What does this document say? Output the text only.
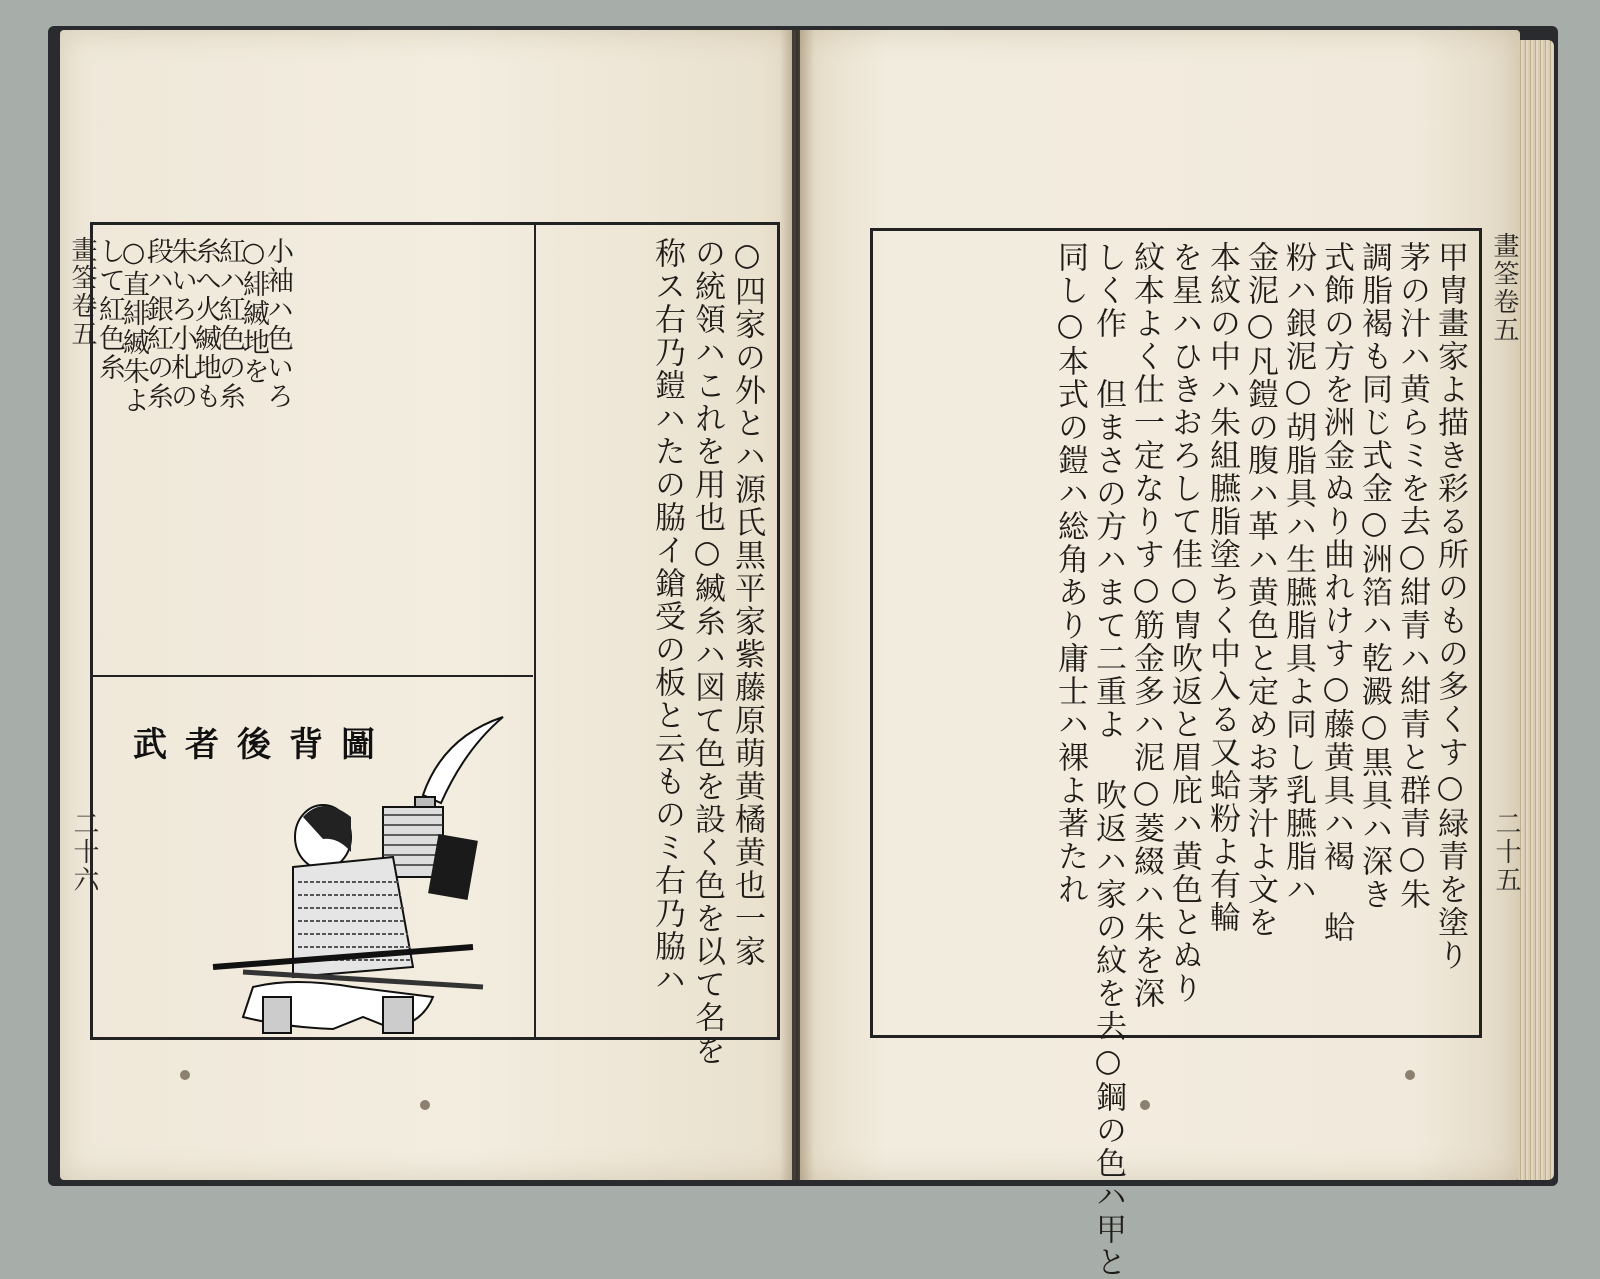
畫筌卷五
二十六
畫筌卷五
二十五
○四家の外とハ源氏黒平家紫藤原萌黄橘黄也一家
の統領ハこれを用也○縅糸ハ図て色を設く色を以て名を
称ス右乃鎧ハたの脇イ鎗受の板と云ものミ右乃脇ハ
小袖ハ色いろ
○緋縅地を
紅ハ紅色の糸
糸へ火縅地も
朱いろ小札の
段ハ銀紅の糸
○直緋縅朱よ
して紅色糸
武者後背圖	甲冑畫家よ描き彩る所のもの多くす○緑青を塗り
茅の汁ハ黄らミを去○紺青ハ紺青と群青○朱
調脂褐も同じ式金○洲箔ハ乾澱○黒具ハ深き
式飾の方を洲金ぬり曲れけす○藤黄具ハ褐 蛤
粉ハ銀泥○胡脂具ハ生臙脂具よ同し乳臙脂ハ
金泥○凡鎧の腹ハ革ハ黄色と定めお茅汁よ文を
本紋の中ハ朱組臙脂塗ちく中入る又蛤粉よ有輪
を星ハひきおろして佳○冑吹返と眉庇ハ黄色とぬり
紋本よく仕一定なりす○筋金多ハ泥○菱綴ハ朱を深
しく作 但まさの方ハまて二重よ 吹返ハ家の紋を去○鋼の色ハ甲と
同し○本式の鎧ハ総角あり庸士ハ裸よ著たれ
